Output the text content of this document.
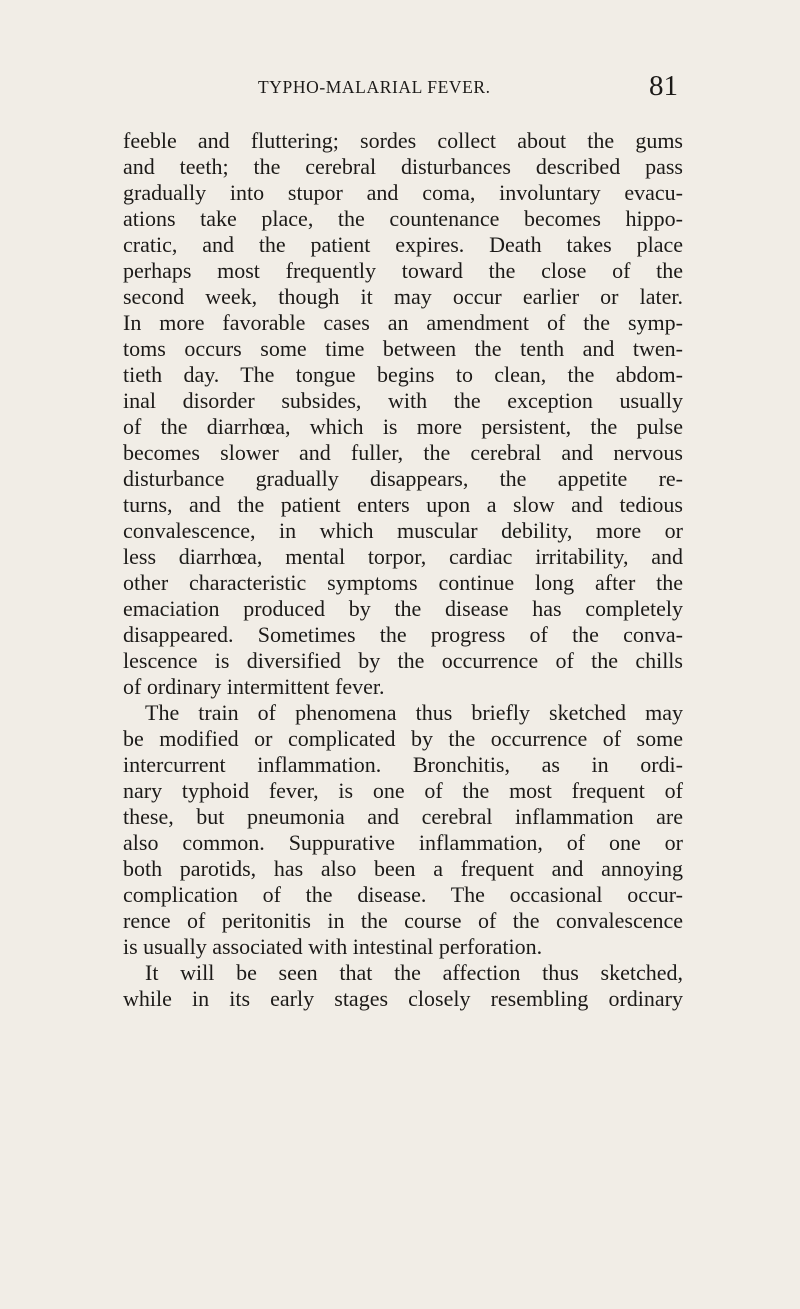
TYPHO-MALARIAL FEVER.	81
feeble and fluttering; sordes collect about the gums
and teeth; the cerebral disturbances described pass
gradually into stupor and coma, involuntary evacu-
ations take place, the countenance becomes hippo-
cratic, and the patient expires. Death takes place
perhaps most frequently toward the close of the
second week, though it may occur earlier or later.
In more favorable cases an amendment of the symp-
toms occurs some time between the tenth and twen-
tieth day. The tongue begins to clean, the abdom-
inal disorder subsides, with the exception usually
of the diarrhœa, which is more persistent, the pulse
becomes slower and fuller, the cerebral and nervous
disturbance gradually disappears, the appetite re-
turns, and the patient enters upon a slow and tedious
convalescence, in which muscular debility, more or
less diarrhœa, mental torpor, cardiac irritability, and
other characteristic symptoms continue long after the
emaciation produced by the disease has completely
disappeared. Sometimes the progress of the conva-
lescence is diversified by the occurrence of the chills
of ordinary intermittent fever.
The train of phenomena thus briefly sketched may
be modified or complicated by the occurrence of some
intercurrent inflammation. Bronchitis, as in ordi-
nary typhoid fever, is one of the most frequent of
these, but pneumonia and cerebral inflammation are
also common. Suppurative inflammation, of one or
both parotids, has also been a frequent and annoying
complication of the disease. The occasional occur-
rence of peritonitis in the course of the convalescence
is usually associated with intestinal perforation.
It will be seen that the affection thus sketched,
while in its early stages closely resembling ordinary
